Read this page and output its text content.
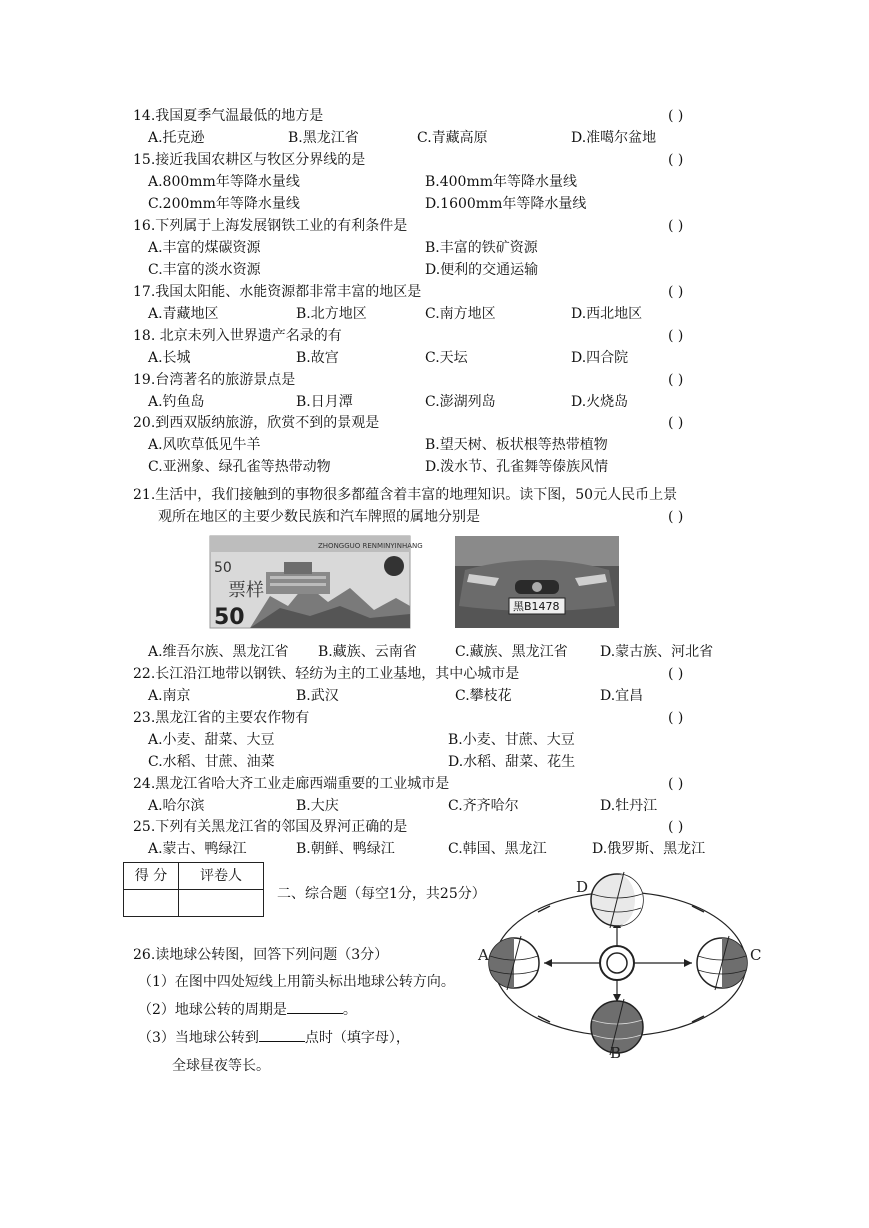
14.我国夏季气温最低的地方是	( )
A.托克逊	B.黑龙江省	C.青藏高原	D.准噶尔盆地
15.接近我国农耕区与牧区分界线的是	( )
A.800mm年等降水量线	B.400mm年等降水量线
C.200mm年等降水量线	D.1600mm年等降水量线
16.下列属于上海发展钢铁工业的有利条件是	( )
A.丰富的煤碳资源	B.丰富的铁矿资源
C.丰富的淡水资源	D.便利的交通运输
17.我国太阳能、水能资源都非常丰富的地区是	( )
A.青藏地区	B.北方地区	C.南方地区	D.西北地区
18. 北京未列入世界遗产名录的有	( )
A.长城	B.故宫	C.天坛	D.四合院
19.台湾著名的旅游景点是	( )
A.钓鱼岛	B.日月潭	C.澎湖列岛	D.火烧岛
20.到西双版纳旅游，欣赏不到的景观是	( )
A.风吹草低见牛羊	B.望天树、板状根等热带植物
C.亚洲象、绿孔雀等热带动物	D.泼水节、孔雀舞等傣族风情
21.生活中，我们接触到的事物很多都蕴含着丰富的地理知识。读下图，50元人民币上景
观所在地区的主要少数民族和汽车牌照的属地分别是	( )
ZHONGGUO RENMINYINHANG
50
50
票样
黑B1478
A.维吾尔族、黑龙江省 B.藏族、云南省	C.藏族、黑龙江省 D.蒙古族、河北省
22.长江沿江地带以钢铁、轻纺为主的工业基地，其中心城市是	( )
A.南京	B.武汉	C.攀枝花	D.宜昌
23.黑龙江省的主要农作物有	( )
A.小麦、甜菜、大豆	B.小麦、甘蔗、大豆
C.水稻、甘蔗、油菜	D.水稻、甜菜、花生
24.黑龙江省哈大齐工业走廊西端重要的工业城市是	( )
A.哈尔滨	B.大庆	C.齐齐哈尔	D.牡丹江
25.下列有关黑龙江省的邻国及界河正确的是	( )
A.蒙古、鸭绿江	B.朝鲜、鸭绿江	C.韩国、黑龙江	D.俄罗斯、黑龙江
得 分	评卷人

二、综合题（每空1分，共25分）
26.读地球公转图，回答下列问题（3分）
（1）在图中四处短线上用箭头标出地球公转方向。
（2）地球公转的周期是	。
（3）当地球公转到	点时（填字母），
全球昼夜等长。
A
B
C
D
